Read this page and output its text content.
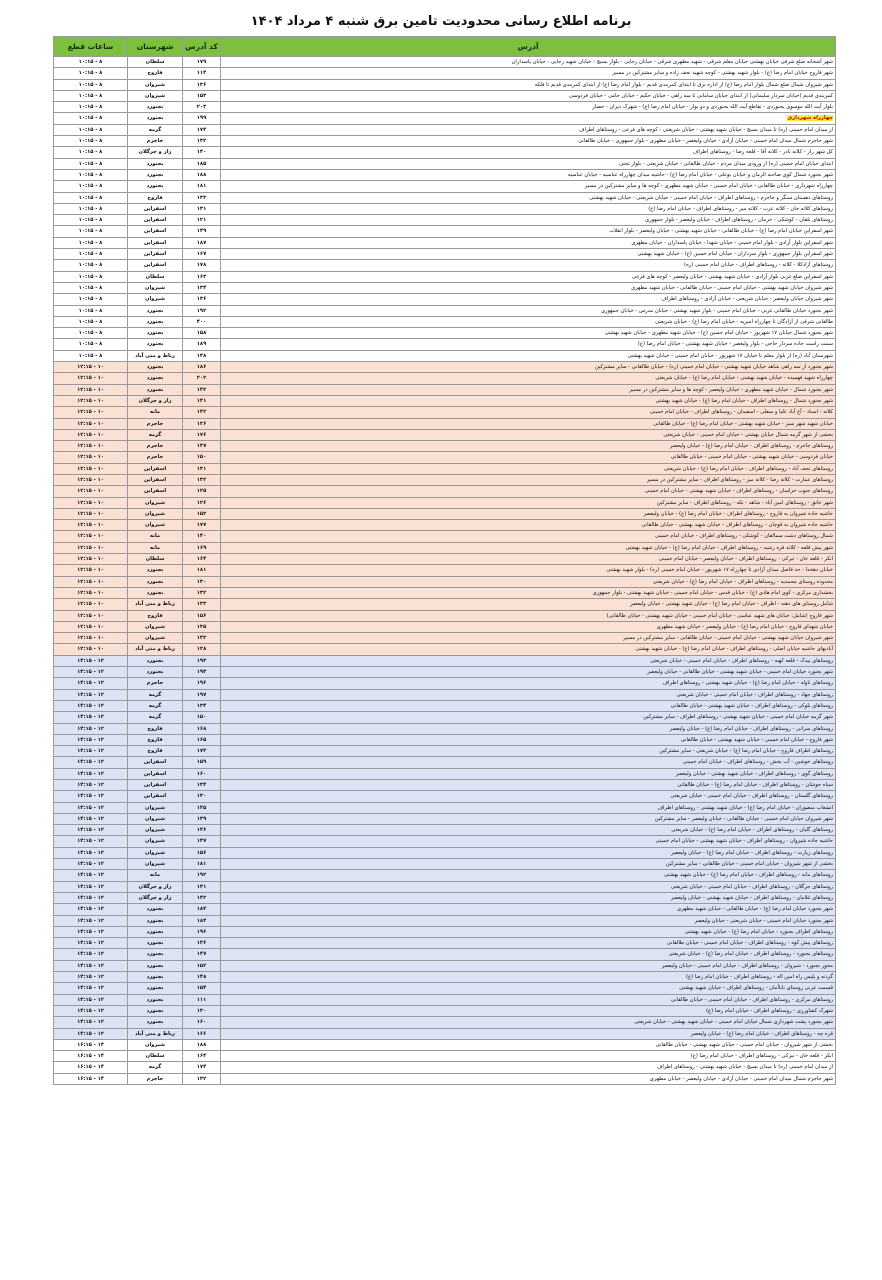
برنامه اطلاع رسانی محدودیت تامین برق شنبه ۴ مرداد ۱۴۰۴
آدرس	کد آدرس	شهرستان	ساعات قطع
شهر آشخانه ضلع شرقی خیابان بهشتی خیابان معلم شرقی - شهید مطهری شرقی - خیابان رجایی - بلوار بسیج - خیابان شهید رجایی - خیابان یاسداران	۱۷۹	سلطان	۸ - ۱۰:۱۵
شهر فاروج خیابان امام رضا (ع) - بلوار شهید بهشتی - کوچه شهید نجف زاده و سایر مشترکین در مسیر	۱۱۴	فاروج	۸ - ۱۰:۱۵
شهر شیروان شمال ضلع شمال بلوار امام رضا (ع) از اداره برق تا ابتدای کمربندی قدیم - بلوار امام رضا (ع) از ابتدای کمربندی قدیم تا فلکه	۱۳۶	شیروان	۸ - ۱۰:۱۵
کمربندی قدیم (خیابان سردار سلیمانی) از ابتدای خیابان سامانی تا سه راهی - خیابان حکیم - خیابان جامی - خیابان فردوسی	۱۵۳	شیروان	۸ - ۱۰:۱۵
بلوار آیت الله موسوی بجنوردی - تقاطع آیت الله بجنوردی و دو بوار - خیابان امام رضا (ع) - شهرک دیران - حصار	۲۰۳	بجنورد	۸ - ۱۰:۱۵
چهارراه شهرداری	۱۹۹	بجنورد	۸ - ۱۰:۱۵
از میدان امام خمینی (ره) تا میدان بسیج - خیابان شهید بهشتی - خیابان شریعتی - کوچه های فرعی - روستاهای اطراف	۱۷۴	گرمه	۸ - ۱۰:۱۵
شهر جاجرم شمال میدان امام خمینی - خیابان آزادی - خیابان ولیعصر - خیابان مطهری - بلوار جمهوری - خیابان طالقانی	۱۳۲	جاجرم	۸ - ۱۰:۱۵
کل شهر راز - کلاته نادر - کلاته آقا - قلعه رضا - روستاهای اطراف	۱۴۰	راز و جرگلان	۸ - ۱۰:۱۵
ابتدای خیابان امام خمینی (ره) از ورودی میدان مردم - خیابان طالقانی - خیابان شریعتی - بلوار تختی	۱۸۵	بجنورد	۸ - ۱۰:۱۵
شهر بجنورد شمال کوی صاحبه الزمان و خیابان بوعلی - خیابان امام رضا (ع) - حاشیه میدان چهارراه عباسیه - خیابان عباسیه	۱۸۸	بجنورد	۸ - ۱۰:۱۵
چهارراه شهرداری - خیابان طالقانی - خیابان امام خمینی - خیابان شهید مطهری - کوچه ها و سایر مشترکین در مسیر	۱۸۱	بجنورد	۸ - ۱۰:۱۵
روستاهای دهستان سنگر و جاجرم - روستاهای اطراف - خیابان امام خمینی - خیابان شریعتی - خیابان شهید بهشتی	۱۳۳	فاروج	۸ - ۱۰:۱۵
روستاهای کلاته خان - کلاته عرب - کلاته میر - روستاهای اطراف - خیابان امام رضا (ع)	۱۳۱	اسفراین	۸ - ۱۰:۱۵
روستاهای بلقان - کوشکی - خرمان - روستاهای اطراف - خیابان ولیعصر - بلوار جمهوری	۱۲۱	اسفراین	۸ - ۱۰:۱۵
شهر اسفراین خیابان امام رضا (ع) - خیابان طالقانی - خیابان شهید بهشتی - خیابان ولیعصر - بلوار انقلاب	۱۴۹	اسفراین	۸ - ۱۰:۱۵
شهر اسفراین بلوار آزادی - بلوار امام خمینی - خیابان شهدا - خیابان پاسداران - خیابان مطهری	۱۸۷	اسفراین	۸ - ۱۰:۱۵
شهر اسفراین بلوار جمهوری - بلوار سرداران - خیابان امام حسین (ع) - خیابان شهید بهشتی	۱۶۷	اسفراین	۸ - ۱۰:۱۵
روستاهای آزادکلا - کلاته - روستاهای اطراف - خیابان امام خمینی (ره)	۱۷۸	اسفراین	۸ - ۱۰:۱۵
شهر اسفراین ضلع غربی بلوار آزادی - خیابان شهید بهشتی - خیابان ولیعصر - کوچه های فرعی	۱۶۳	سلطان	۸ - ۱۰:۱۵
شهر شیروان خیابان شهید بهشتی - خیابان امام خمینی - خیابان طالقانی - خیابان شهید مطهری	۱۳۴	شیروان	۸ - ۱۰:۱۵
شهر شیروان خیابان ولیعصر - خیابان شریعتی - خیابان آزادی - روستاهای اطراف	۱۳۶	شیروان	۸ - ۱۰:۱۵
شهر بجنورد خیابان طالقانی غربی - خیابان امام خمینی - بلوار شهید بهشتی - خیابان مدرس - خیابان جمهوری	۱۹۲	بجنورد	۸ - ۱۰:۱۵
طالقانی شرقی از آزادگان تا چهارراه امیریه - خیابان امام رضا (ع) - خیابان شریعتی	۴۰۰	بجنورد	۸ - ۱۰:۱۵
شهر بجنورد شمال خیابان ۱۷ شهریور - خیابان امام حسین (ع) - خیابان شهید مطهری - خیابان شهید بهشتی	۱۵۸	بجنورد	۸ - ۱۰:۱۵
سمت راست جاده سردار حاجی - بلوار ولیعصر - خیابان شهید بهشتی - خیابان امام رضا (ع)	۱۸۹	بجنورد	۸ - ۱۰:۱۵
شهرستان آباد (ره) از بلوار معلم تا خیابان ۱۷ شهریور - خیابان امام خمینی - خیابان شهید بهشتی	۱۴۸	رباط و منی آباد	۸ - ۱۰:۱۵
شهر بجنورد از سه راهی شاهد خیابان شهید بهشتی - خیابان امام خمینی (ره) - خیابان طالقانی - سایر مشترکین	۱۸۶	بجنورد	۱۰ - ۱۲:۱۵
چهارراه شهید فهمیده - خیابان شهید بهشتی - خیابان امام رضا (ع) - خیابان شریعتی	۲۰۲	بجنورد	۱۰ - ۱۲:۱۵
شهر بجنورد شمال - خیابان شهید مطهری - خیابان ولیعصر - کوچه ها و سایر مشترکین در مسیر	۱۴۲	بجنورد	۱۰ - ۱۲:۱۵
شهر بجنورد شمال - روستاهای اطراف - خیابان امام رضا (ع) - خیابان شهید بهشتی	۱۴۱	راز و جرگلان	۱۰ - ۱۲:۱۵
کلاته - استاد - آغ آباد علیا و سفلی - اسفیدان - روستاهای اطراف - خیابان امام خمینی	۱۴۲	مانه	۱۰ - ۱۲:۱۵
خیابان شهید شهر سبز - خیابان شهید بهشتی - خیابان امام رضا (ع) - خیابان طالقانی	۱۳۶	جاجرم	۱۰ - ۱۲:۱۵
بخشی از شهر گرمه شمال خیابان بهشتی - خیابان امام خمینی - خیابان شریعتی	۱۷۶	گرمه	۱۰ - ۱۲:۱۵
روستاهای جاجرم - روستاهای اطراف - خیابان امام رضا (ع) - خیابان ولیعصر	۱۳۷	جاجرم	۱۰ - ۱۲:۱۵
خیابان فردوسی - خیابان شهید بهشتی - خیابان امام خمینی - خیابان طالقانی	۱۵۰	جاجرم	۱۰ - ۱۲:۱۵
روستاهای نجف آباد - روستاهای اطراف - خیابان امام رضا (ع) - خیابان شریعتی	۱۳۱	اسفراین	۱۰ - ۱۲:۱۵
روستاهای عمارت - کلاته رضا - کلاته میر - روستاهای اطراف - سایر مشترکین در مسیر	۱۳۲	اسفراین	۱۰ - ۱۲:۱۵
روستاهای جنوب خراسان - روستاهای اطراف - خیابان شهید بهشتی - خیابان امام خمینی	۱۲۵	اسفراین	۱۰ - ۱۲:۱۵
شهر خانق - روستاهای امین آباد - شاهد - تکه - روستاهای اطراف - سایر مشترکین	۱۲۶	شیروان	۱۰ - ۱۲:۱۵
حاشیه جاده شیروان به فاروج - روستاهای اطراف - خیابان امام رضا (ع) - خیابان ولیعصر	۱۵۲	شیروان	۱۰ - ۱۲:۱۵
حاشیه جاده شیروان به قوچان - روستاهای اطراف - خیابان شهید بهشتی - خیابان طالقانی	۱۷۷	شیروان	۱۰ - ۱۲:۱۵
شمال روستاهای دشت سمالقان - کوشکی - روستاهای اطراف - خیابان امام خمینی	۱۴۰	مانه	۱۰ - ۱۲:۱۵
شهر پیش قلعه - کلاته قره رشید - روستاهای اطراف - خیابان امام رضا (ع) - خیابان شهید بهشتی	۱۶۹	مانه	۱۰ - ۱۲:۱۵
انکر - قلعه خان - تیرکی - روستاهای اطراف - خیابان ولیعصر - خیابان امام خمینی	۱۶۴	سلطان	۱۰ - ۱۲:۱۵
خیابان دهخدا - حد فاصل میدان آزادی تا چهارراه ۱۷ شهریور - خیابان امام خمینی (ره) - بلوار شهید بهشتی	۱۸۱	بجنورد	۱۰ - ۱۲:۱۵
محدوده روستای محمدیه - روستاهای اطراف - خیابان امام رضا (ع) - خیابان شریعتی	۱۳۰	بجنورد	۱۰ - ۱۲:۱۵
بخشداری مرکزی - کوی امام هادی (ع) - خیابان قدس - خیابان امام خمینی - خیابان شهید بهشتی - بلوار جمهوری	۱۳۲	بجنورد	۱۰ - ۱۲:۱۵
شامل روستای های دهنه - اطراف - خیابان امام رضا (ع) - خیابان شهید بهشتی - خیابان ولیعصر	۱۳۳	رباط و منی آباد	۱۰ - ۱۲:۱۵
شهر فاروج (شامل: خیابان های شهید عباسی - خیابان امام خمینی - خیابان شهید بهشتی - خیابان طالقانی)	۱۵۶	فاروج	۱۰ - ۱۲:۱۵
خیابان شهدای فاروج - خیابان امام رضا (ع) - خیابان ولیعصر - خیابان شهید مطهری	۱۳۵	شیروان	۱۰ - ۱۲:۱۵
شهر شیروان خیابان شهید بهشتی - خیابان امام خمینی - خیابان طالقانی - سایر مشترکین در مسیر	۱۴۳	شیروان	۱۰ - ۱۲:۱۵
آبادیهای حاشیه خیابان اصلی - روستاهای اطراف - خیابان امام رضا (ع) - خیابان شهید بهشتی	۱۲۸	رباط و منی آباد	۱۰ - ۱۲:۱۵
روستاهای بیدک - قلعه کهنه - روستاهای اطراف - خیابان امام خمینی - خیابان شریعتی	۱۹۳	بجنورد	۱۲ - ۱۴:۱۵
شهر بجنورد خیابان امام خمینی - خیابان شهید بهشتی - خیابان طالقانی - خیابان ولیعصر	۱۹۴	بجنورد	۱۲ - ۱۴:۱۵
روستاهای تاوله - خیابان امام رضا (ع) - خیابان شهید بهشتی - روستاهای اطراف	۱۹۶	جاجرم	۱۲ - ۱۴:۱۵
روستاهای جهاد - روستاهای اطراف - خیابان امام خمینی - خیابان شریعتی	۱۹۷	گرمه	۱۲ - ۱۴:۱۵
روستاهای بلوکی - روستاهای اطراف - خیابان شهید بهشتی - خیابان طالقانی	۱۳۴	گرمه	۱۲ - ۱۴:۱۵
شهر گرمه خیابان امام خمینی - خیابان شهید بهشتی - روستاهای اطراف - سایر مشترکین	۱۵۰	گرمه	۱۲ - ۱۴:۱۵
روستاهای سرانی - روستاهای اطراف - خیابان امام رضا (ع) - خیابان ولیعصر	۱۶۸	فاروج	۱۲ - ۱۴:۱۵
شهر فاروج - خیابان امام خمینی - خیابان شهید بهشتی - خیابان طالقانی	۱۶۵	فاروج	۱۲ - ۱۴:۱۵
روستاهای اطراف فاروج - خیابان امام رضا (ع) - خیابان شریعتی - سایر مشترکین	۱۷۳	فاروج	۱۲ - ۱۴:۱۵
روستاهای خوشین - آب بخش - روستاهای اطراف - خیابان امام خمینی	۱۵۹	اسفراین	۱۲ - ۱۴:۱۵
روستاهای گوی - روستاهای اطراف - خیابان شهید بهشتی - خیابان ولیعصر	۱۶۰	اسفراین	۱۲ - ۱۴:۱۵
سیاه جوشان - روستاهای اطراف - خیابان امام رضا (ع) - خیابان طالقانی	۱۳۴	اسفراین	۱۲ - ۱۴:۱۵
روستاهای گلستان - روستاهای اطراف - خیابان امام خمینی - خیابان شریعتی	۱۳۰	اسفراین	۱۲ - ۱۴:۱۵
انشعاب منصوران - خیابان امام رضا (ع) - خیابان شهید بهشتی - روستاهای اطراف	۱۴۵	شیروان	۱۲ - ۱۴:۱۵
شهر شیروان خیابان امام خمینی - خیابان طالقانی - خیابان ولیعصر - سایر مشترکین	۱۳۹	شیروان	۱۲ - ۱۴:۱۵
روستاهای گلیان - روستاهای اطراف - خیابان امام رضا (ع) - خیابان شریعتی	۱۴۶	شیروان	۱۲ - ۱۴:۱۵
حاشیه جاده شیروان - روستاهای اطراف - خیابان شهید بهشتی - خیابان امام خمینی	۱۴۷	شیروان	۱۲ - ۱۴:۱۵
روستاهای زیارت - روستاهای اطراف - خیابان امام رضا (ع) - خیابان ولیعصر	۱۵۶	شیروان	۱۲ - ۱۴:۱۵
بخشی از شهر شیروان - خیابان امام خمینی - خیابان طالقانی - سایر مشترکین	۱۸۱	شیروان	۱۲ - ۱۴:۱۵
روستاهای مانه - روستاهای اطراف - خیابان امام رضا (ع) - خیابان شهید بهشتی	۱۹۲	مانه	۱۲ - ۱۴:۱۵
روستاهای جرگلان - روستاهای اطراف - خیابان امام خمینی - خیابان شریعتی	۱۴۱	راز و جرگلان	۱۲ - ۱۴:۱۵
روستاهای غلامان - روستاهای اطراف - خیابان شهید بهشتی - خیابان ولیعصر	۱۴۲	راز و جرگلان	۱۲ - ۱۴:۱۵
شهر بجنورد خیابان امام رضا (ع) - خیابان طالقانی - خیابان شهید مطهری	۱۸۳	بجنورد	۱۲ - ۱۴:۱۵
شهر بجنورد خیابان امام خمینی - خیابان شریعتی - خیابان ولیعصر	۱۸۴	بجنورد	۱۲ - ۱۴:۱۵
روستاهای اطراف بجنورد - خیابان امام رضا (ع) - خیابان شهید بهشتی	۱۹۶	بجنورد	۱۲ - ۱۴:۱۵
روستاهای پیش کوه - روستاهای اطراف - خیابان امام خمینی - خیابان طالقانی	۱۴۶	بجنورد	۱۲ - ۱۴:۱۵
روستاهای بجنورد - روستاهای اطراف - خیابان امام رضا (ع) - خیابان شریعتی	۱۴۷	بجنورد	۱۲ - ۱۴:۱۵
محور بجنورد - شیروان - روستاهای اطراف - خیابان امام خمینی - خیابان ولیعصر	۱۵۲	بجنورد	۱۲ - ۱۴:۱۵
گردنه و پلیس راه امین اله - روستاهای اطراف - خیابان امام رضا (ع)	۱۴۸	بجنورد	۱۲ - ۱۴:۱۵
قسمت غربی روستای باباأمان - روستاهای اطراف - خیابان شهید بهشتی	۱۵۴	بجنورد	۱۲ - ۱۴:۱۵
روستاهای مرکزی - روستاهای اطراف - خیابان امام خمینی - خیابان طالقانی	۱۱۱	بجنورد	۱۲ - ۱۴:۱۵
شهرک کشاورزی - روستاهای اطراف - خیابان امام رضا (ع)	۱۳۰	بجنورد	۱۲ - ۱۴:۱۵
شهر بجنورد پشت شهرداری شمال خیابان امام خمینی - خیابان شهید بهشتی - خیابان شریعتی	۱۶۰	بجنورد	۱۲ - ۱۴:۱۵
قره چه - روستاهای اطراف - خیابان امام رضا (ع) - خیابان ولیعصر	۱۶۶	رباط و منی آباد	۱۲ - ۱۴:۱۵
بخشی از شهر شیروان - خیابان امام خمینی - خیابان شهید بهشتی - خیابان طالقانی	۱۸۸	شیروان	۱۴ - ۱۶:۱۵
انکر - قلعه خان - تیرکی - روستاهای اطراف - خیابان امام رضا (ع)	۱۶۴	سلطان	۱۴ - ۱۶:۱۵
از میدان امام خمینی (ره) تا میدان بسیج - خیابان شهید بهشتی - روستاهای اطراف	۱۷۴	گرمه	۱۴ - ۱۶:۱۵
شهر جاجرم شمال میدان امام خمینی - خیابان آزادی - خیابان ولیعصر - خیابان مطهری	۱۳۲	جاجرم	۱۴ - ۱۶:۱۵
